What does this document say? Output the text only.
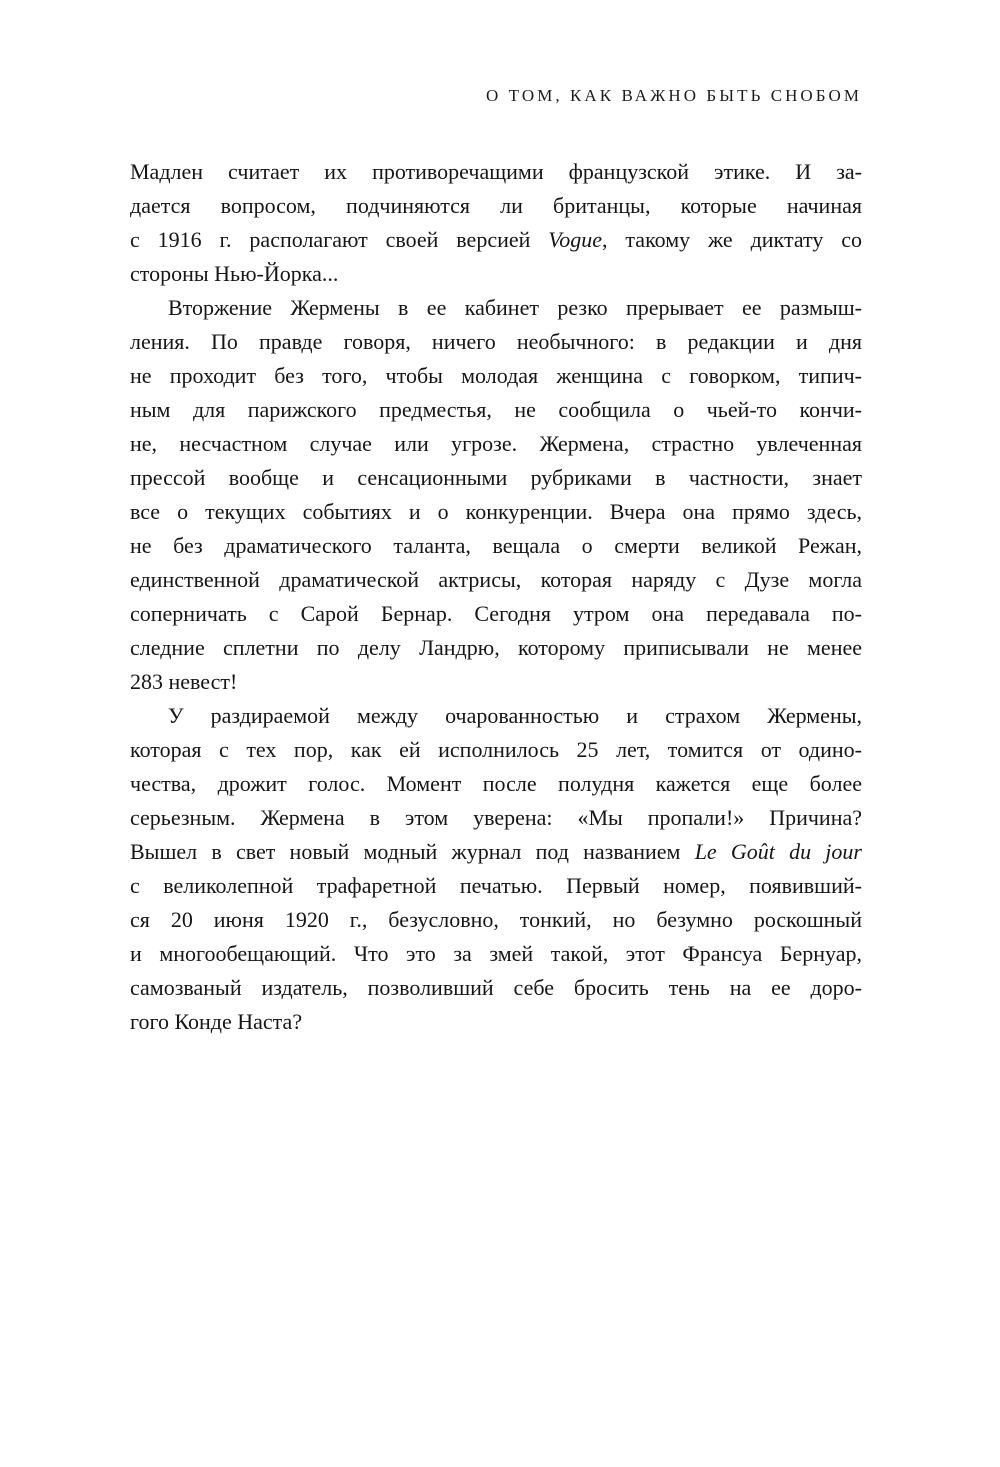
О ТОМ, КАК ВАЖНО БЫТЬ СНОБОМ
Мадлен считает их противоречащими французской этике. И за-
дается вопросом, подчиняются ли британцы, которые начиная
с 1916 г. располагают своей версией Vogue, такому же диктату со
стороны Нью-Йорка...
Вторжение Жермены в ее кабинет резко прерывает ее размыш-
ления. По правде говоря, ничего необычного: в редакции и дня
не проходит без того, чтобы молодая женщина с говорком, типич-
ным для парижского предместья, не сообщила о чьей-то кончи-
не, несчастном случае или угрозе. Жермена, страстно увлеченная
прессой вообще и сенсационными рубриками в частности, знает
все о текущих событиях и о конкуренции. Вчера она прямо здесь,
не без драматического таланта, вещала о смерти великой Режан,
единственной драматической актрисы, которая наряду с Дузе могла
соперничать с Сарой Бернар. Сегодня утром она передавала по-
следние сплетни по делу Ландрю, которому приписывали не менее
283 невест!
У раздираемой между очарованностью и страхом Жермены,
которая с тех пор, как ей исполнилось 25 лет, томится от одино-
чества, дрожит голос. Момент после полудня кажется еще более
серьезным. Жермена в этом уверена: «Мы пропали!» Причина?
Вышел в свет новый модный журнал под названием Le Goût du jour
с великолепной трафаретной печатью. Первый номер, появивший-
ся 20 июня 1920 г., безусловно, тонкий, но безумно роскошный
и многообещающий. Что это за змей такой, этот Франсуа Бернуар,
самозваный издатель, позволивший себе бросить тень на ее доро-
гого Конде Наста?
